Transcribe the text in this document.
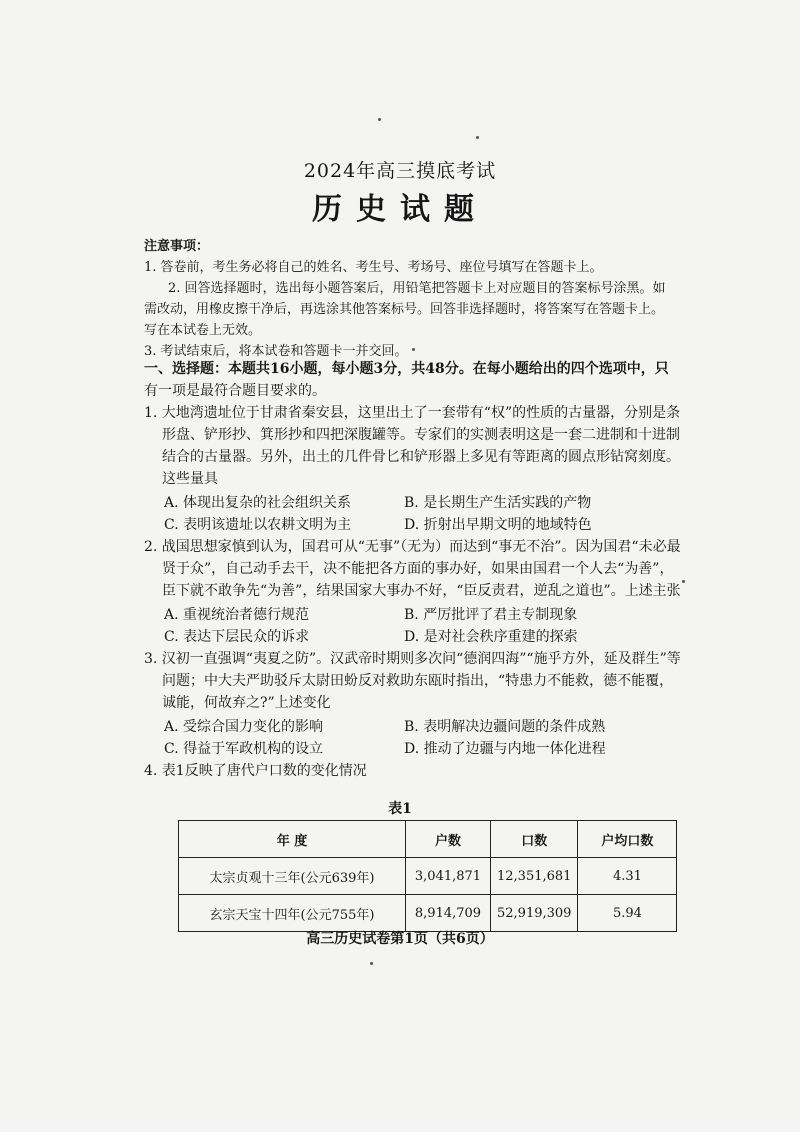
2024年高三摸底考试
历史试题

注意事项：

1. 答卷前，考生务必将自己的姓名、考生号、考场号、座位号填写在答题卡上。

2. 回答选择题时，选出每小题答案后，用铅笔把答题卡上对应题目的答案标号涂黑。如需改动，用橡皮擦干净后，再选涂其他答案标号。回答非选择题时，将答案写在答题卡上。写在本试卷上无效。

3. 考试结束后，将本试卷和答题卡一并交回。

一、选择题：本题共16小题，每小题3分，共48分。在每小题给出的四个选项中，只

有一项是最符合题目要求的。

1. 大地湾遗址位于甘肃省秦安县，这里出土了一套带有“权”的性质的古量器，分别是条形盘、铲形抄、箕形抄和四把深腹罐等。专家们的实测表明这是一套二进制和十进制结合的古量器。另外，出土的几件骨匕和铲形器上多见有等距离的圆点形钻窝刻度。这些量具

A. 体现出复杂的社会组织关系	B. 是长期生产生活实践的产物

C. 表明该遗址以农耕文明为主	D. 折射出早期文明的地域特色

2. 战国思想家慎到认为，国君可从“无事”（无为）而达到“事无不治”。因为国君“未必最贤于众”，自己动手去干，决不能把各方面的事办好，如果由国君一个人去“为善”，臣下就不敢争先“为善”，结果国家大事办不好，“臣反责君，逆乱之道也”。上述主张

A. 重视统治者德行规范	B. 严厉批评了君主专制现象

C. 表达下层民众的诉求	D. 是对社会秩序重建的探索

3. 汉初一直强调“夷夏之防”。汉武帝时期则多次问“德润四海”“施乎方外，延及群生”等问题；中大夫严助驳斥太尉田蚡反对救助东瓯时指出，“特患力不能救，德不能覆，诚能，何故弃之?”上述变化

A. 受综合国力变化的影响	B. 表明解决边疆问题的条件成熟

C. 得益于军政机构的设立	D. 推动了边疆与内地一体化进程

4. 表1反映了唐代户口数的变化情况

表1
年 度	户数	口数	户均口数
太宗贞观十三年(公元639年)	3,041,871	12,351,681	4.31
玄宗天宝十四年(公元755年)	8,914,709	52,919,309	5.94
高三历史试卷第1页（共6页）
